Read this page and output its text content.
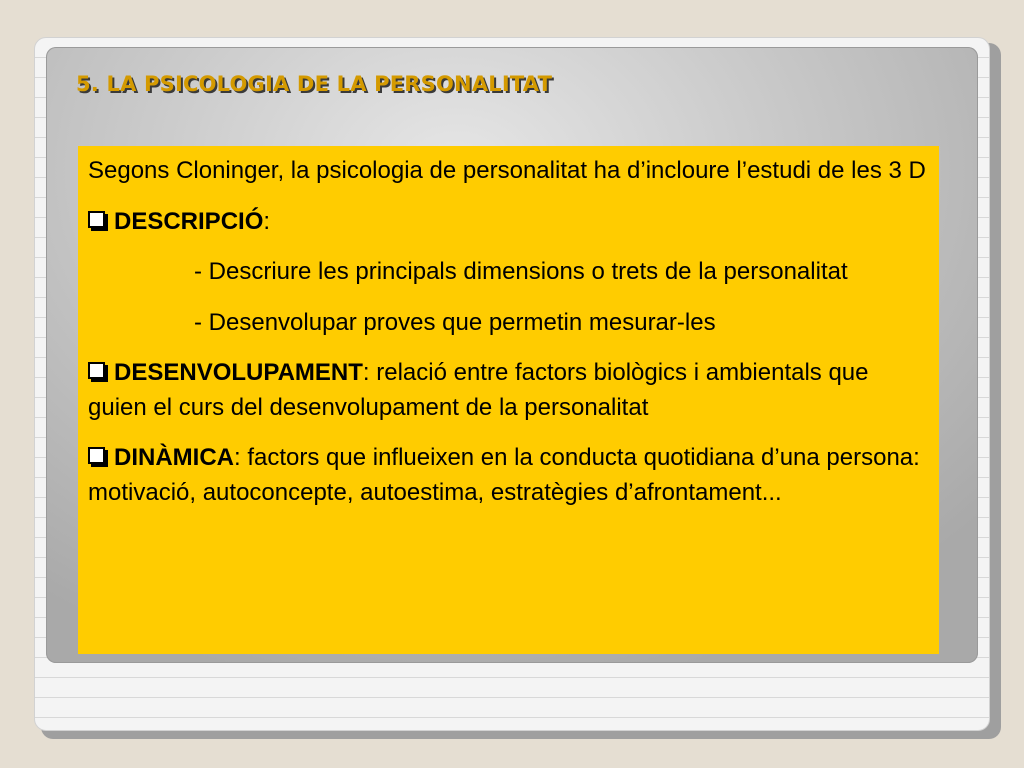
5. LA PSICOLOGIA DE LA PERSONALITAT

Segons Cloninger, la psicologia de personalitat ha d’incloure l’estudi de les 3 D

DESCRIPCIÓ:

- Descriure les principals dimensions o trets de la personalitat

- Desenvolupar proves que permetin mesurar-les

DESENVOLUPAMENT: relació entre factors biològics i ambientals que guien el curs del desenvolupament de la personalitat

DINÀMICA: factors que influeixen en la conducta quotidiana d’una persona: motivació, autoconcepte, autoestima, estratègies d’afrontament...
